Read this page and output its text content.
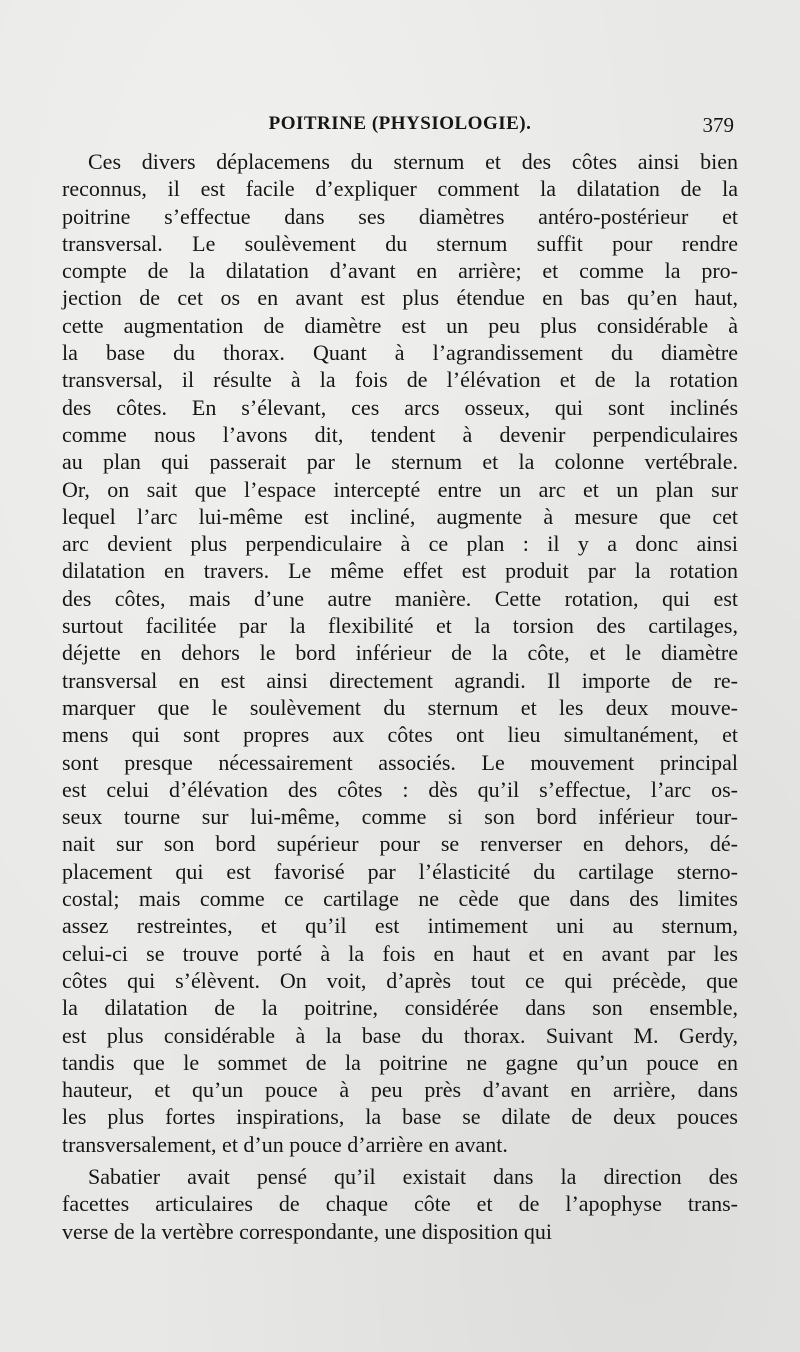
POITRINE (PHYSIOLOGIE).	379
Ces divers déplacemens du sternum et des côtes ainsi bien
reconnus, il est facile d’expliquer comment la dilatation de la
poitrine s’effectue dans ses diamètres antéro-postérieur et
transversal. Le soulèvement du sternum suffit pour rendre
compte de la dilatation d’avant en arrière; et comme la pro-
jection de cet os en avant est plus étendue en bas qu’en haut,
cette augmentation de diamètre est un peu plus considérable à
la base du thorax. Quant à l’agrandissement du diamètre
transversal, il résulte à la fois de l’élévation et de la rotation
des côtes. En s’élevant, ces arcs osseux, qui sont inclinés
comme nous l’avons dit, tendent à devenir perpendiculaires
au plan qui passerait par le sternum et la colonne vertébrale.
Or, on sait que l’espace intercepté entre un arc et un plan sur
lequel l’arc lui-même est incliné, augmente à mesure que cet
arc devient plus perpendiculaire à ce plan : il y a donc ainsi
dilatation en travers. Le même effet est produit par la rotation
des côtes, mais d’une autre manière. Cette rotation, qui est
surtout facilitée par la flexibilité et la torsion des cartilages,
déjette en dehors le bord inférieur de la côte, et le diamètre
transversal en est ainsi directement agrandi. Il importe de re-
marquer que le soulèvement du sternum et les deux mouve-
mens qui sont propres aux côtes ont lieu simultanément, et
sont presque nécessairement associés. Le mouvement principal
est celui d’élévation des côtes : dès qu’il s’effectue, l’arc os-
seux tourne sur lui-même, comme si son bord inférieur tour-
nait sur son bord supérieur pour se renverser en dehors, dé-
placement qui est favorisé par l’élasticité du cartilage sterno-
costal; mais comme ce cartilage ne cède que dans des limites
assez restreintes, et qu’il est intimement uni au sternum,
celui-ci se trouve porté à la fois en haut et en avant par les
côtes qui s’élèvent. On voit, d’après tout ce qui précède, que
la dilatation de la poitrine, considérée dans son ensemble,
est plus considérable à la base du thorax. Suivant M. Gerdy,
tandis que le sommet de la poitrine ne gagne qu’un pouce en
hauteur, et qu’un pouce à peu près d’avant en arrière, dans
les plus fortes inspirations, la base se dilate de deux pouces
transversalement, et d’un pouce d’arrière en avant.
Sabatier avait pensé qu’il existait dans la direction des
facettes articulaires de chaque côte et de l’apophyse trans-
verse de la vertèbre correspondante, une disposition qui
